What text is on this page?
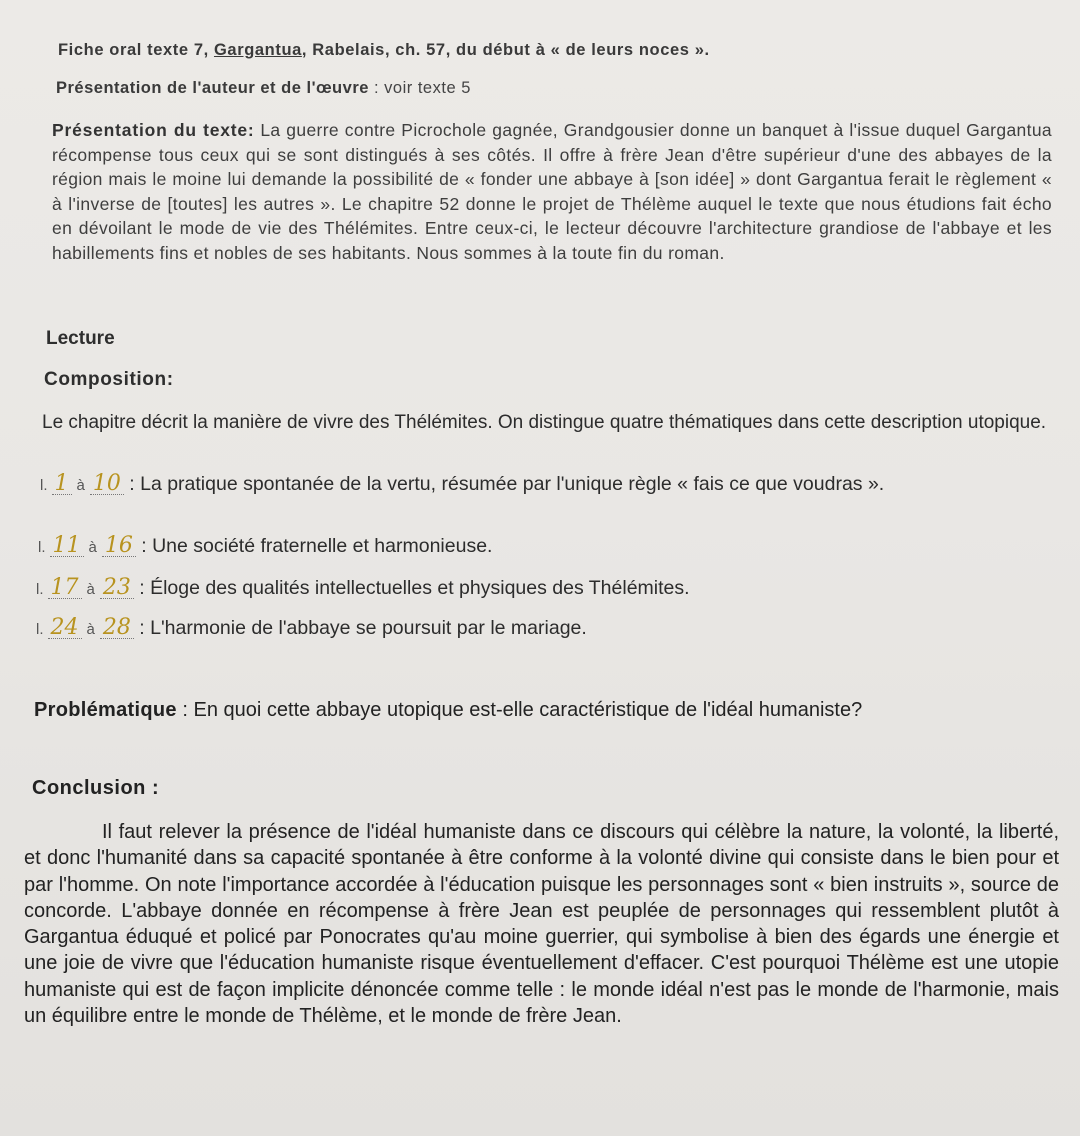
Fiche oral texte 7, Gargantua, Rabelais, ch. 57, du début à « de leurs noces ».
Présentation de l'auteur et de l'œuvre : voir texte 5
Présentation du texte: La guerre contre Picrochole gagnée, Grandgousier donne un banquet à l'issue duquel Gargantua récompense tous ceux qui se sont distingués à ses côtés. Il offre à frère Jean d'être supérieur d'une des abbayes de la région mais le moine lui demande la possibilité de « fonder une abbaye à [son idée] » dont Gargantua ferait le règlement « à l'inverse de [toutes] les autres ». Le chapitre 52 donne le projet de Thélème auquel le texte que nous étudions fait écho en dévoilant le mode de vie des Thélémites. Entre ceux-ci, le lecteur découvre l'architecture grandiose de l'abbaye et les habillements fins et nobles de ses habitants. Nous sommes à la toute fin du roman.
Lecture
Composition:
Le chapitre décrit la manière de vivre des Thélémites. On distingue quatre thématiques dans cette description utopique.
l. 1 à 10 : La pratique spontanée de la vertu, résumée par l'unique règle « fais ce que voudras ».
l. 11 à 16 : Une société fraternelle et harmonieuse.
l. 17 à 23 : Éloge des qualités intellectuelles et physiques des Thélémites.
l. 24 à 28 : L'harmonie de l'abbaye se poursuit par le mariage.
Problématique : En quoi cette abbaye utopique est-elle caractéristique de l'idéal humaniste?
Conclusion :
Il faut relever la présence de l'idéal humaniste dans ce discours qui célèbre la nature, la volonté, la liberté, et donc l'humanité dans sa capacité spontanée à être conforme à la volonté divine qui consiste dans le bien pour et par l'homme. On note l'importance accordée à l'éducation puisque les personnages sont « bien instruits », source de concorde. L'abbaye donnée en récompense à frère Jean est peuplée de personnages qui ressemblent plutôt à Gargantua éduqué et policé par Ponocrates qu'au moine guerrier, qui symbolise à bien des égards une énergie et une joie de vivre que l'éducation humaniste risque éventuellement d'effacer. C'est pourquoi Thélème est une utopie humaniste qui est de façon implicite dénoncée comme telle : le monde idéal n'est pas le monde de l'harmonie, mais un équilibre entre le monde de Thélème, et le monde de frère Jean.
